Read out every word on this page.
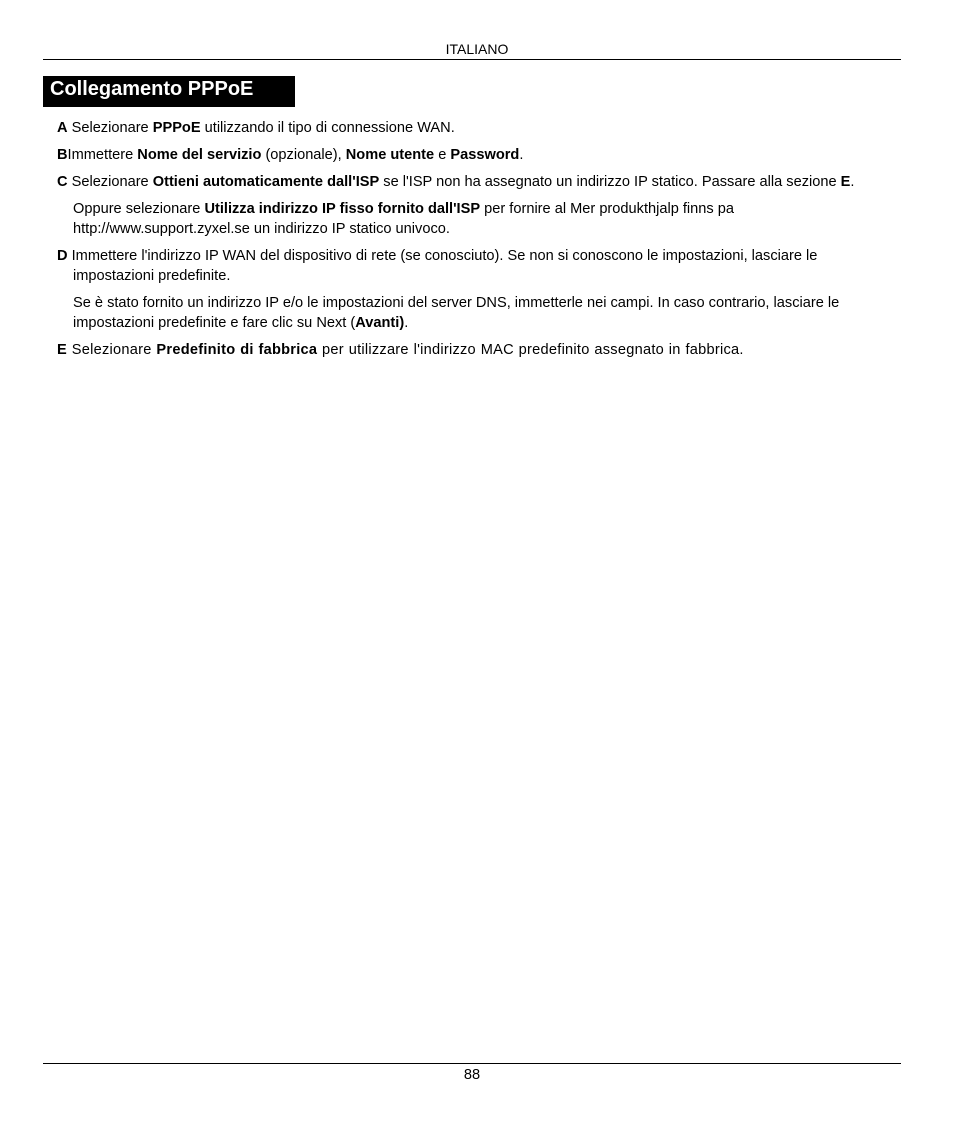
ITALIANO
Collegamento PPPoE

A Selezionare PPPoE utilizzando il tipo di connessione WAN.

BImmettere Nome del servizio (opzionale), Nome utente e Password.

C Selezionare Ottieni automaticamente dall'ISP se l'ISP non ha assegnato un indirizzo IP statico. Passare alla sezione E.

Oppure selezionare Utilizza indirizzo IP fisso fornito dall'ISP per fornire al Mer produkthjalp finns pa http://www.support.zyxel.se un indirizzo IP statico univoco.

D Immettere l'indirizzo IP WAN del dispositivo di rete (se conosciuto). Se non si conoscono le impostazioni, lasciare le impostazioni predefinite.

Se è stato fornito un indirizzo IP e/o le impostazioni del server DNS, immetterle nei campi. In caso contrario, lasciare le impostazioni predefinite e fare clic su Next (Avanti).

E Selezionare Predefinito di fabbrica per utilizzare l'indirizzo MAC predefinito assegnato in fabbrica.

88
